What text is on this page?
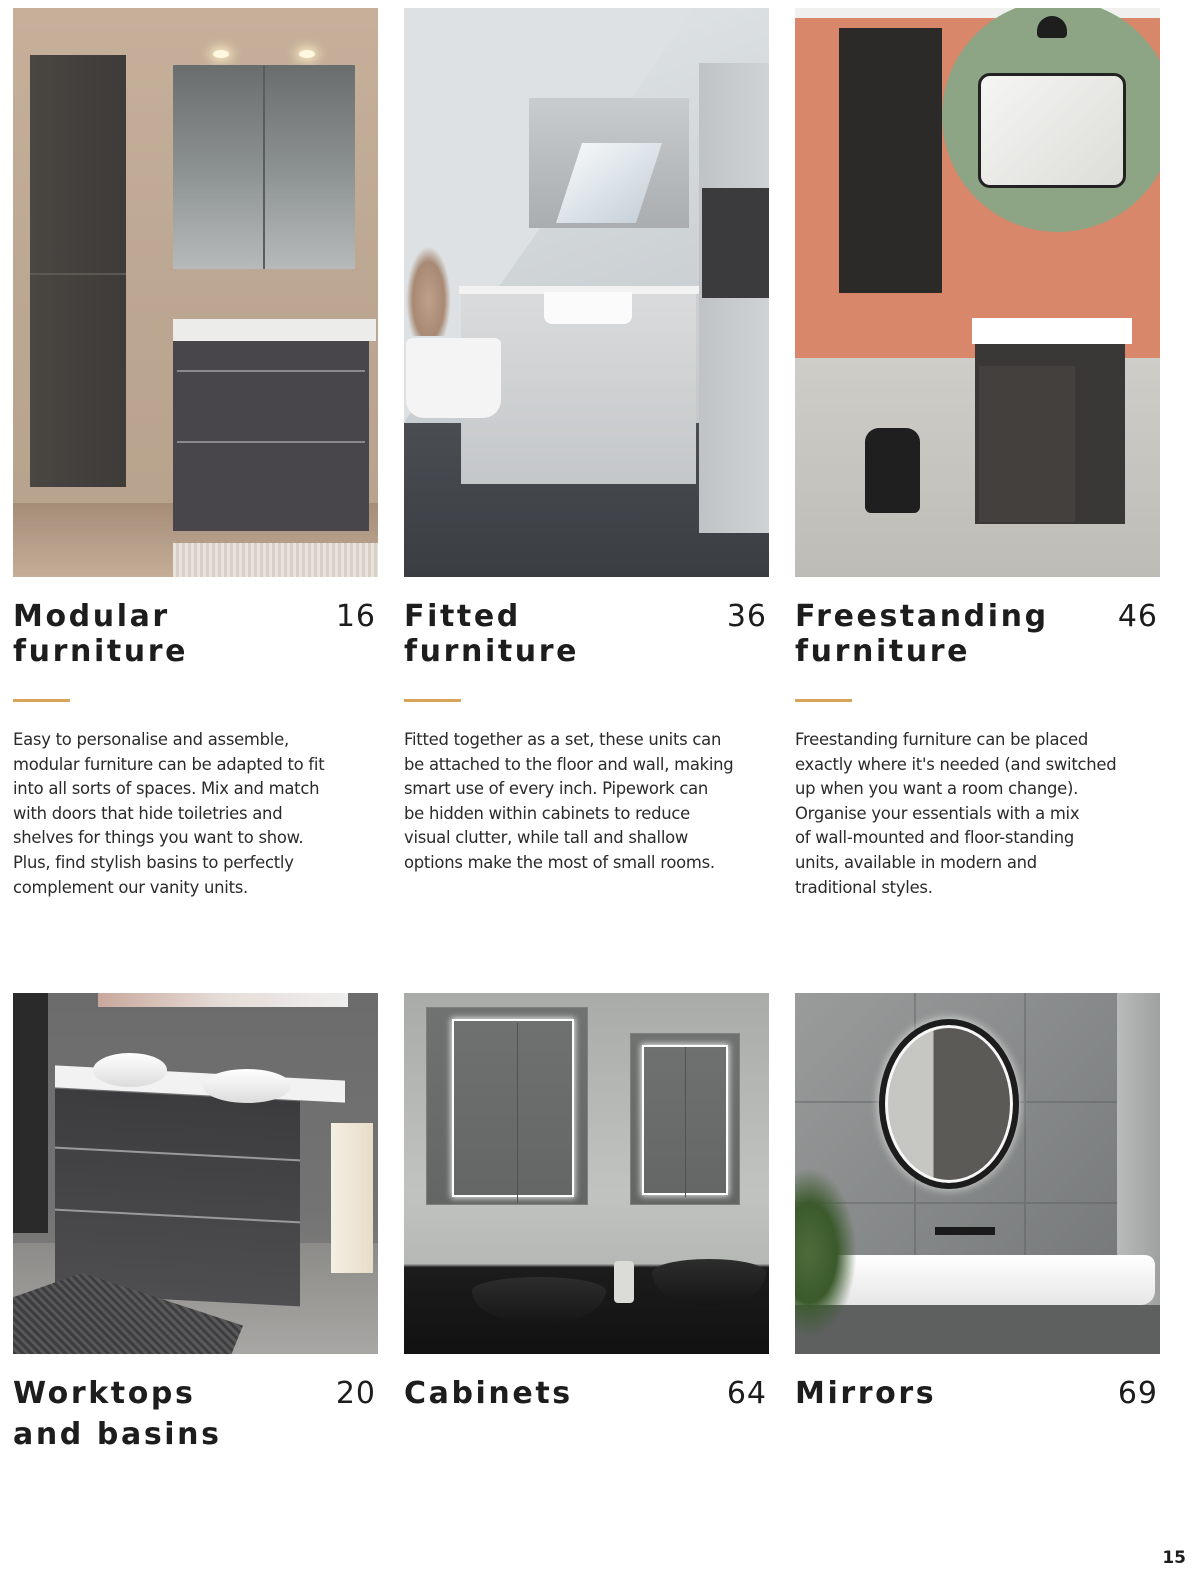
Modular
furniture
16
Easy to personalise and assemble,
modular furniture can be adapted to fit
into all sorts of spaces. Mix and match
with doors that hide toiletries and
shelves for things you want to show.
Plus, find stylish basins to perfectly
complement our vanity units.
Fitted
furniture
36
Fitted together as a set, these units can
be attached to the floor and wall, making
smart use of every inch. Pipework can
be hidden within cabinets to reduce
visual clutter, while tall and shallow
options make the most of small rooms.
Freestanding
furniture
46
Freestanding furniture can be placed
exactly where it's needed (and switched
up when you want a room change).
Organise your essentials with a mix
of wall-mounted and floor-standing
units, available in modern and
traditional styles.
Worktops
and basins
20 Cabinets	64 Mirrors	69
15
